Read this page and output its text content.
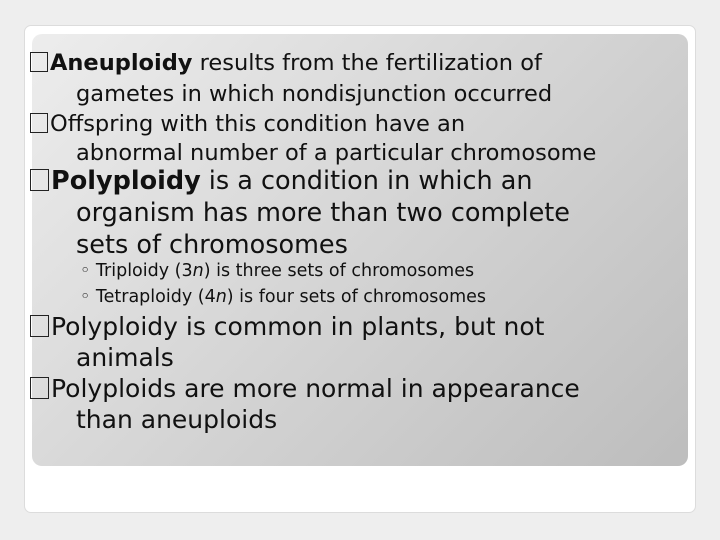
Aneuploidy results from the fertilization of
gametes in which nondisjunction occurred
Offspring with this condition have an
abnormal number of a particular chromosome
Polyploidy is a condition in which an
organism has more than two complete
sets of chromosomes
◦ Triploidy (3n) is three sets of chromosomes
◦ Tetraploidy (4n) is four sets of chromosomes
Polyploidy is common in plants, but not
animals
Polyploids are more normal in appearance
than aneuploids
